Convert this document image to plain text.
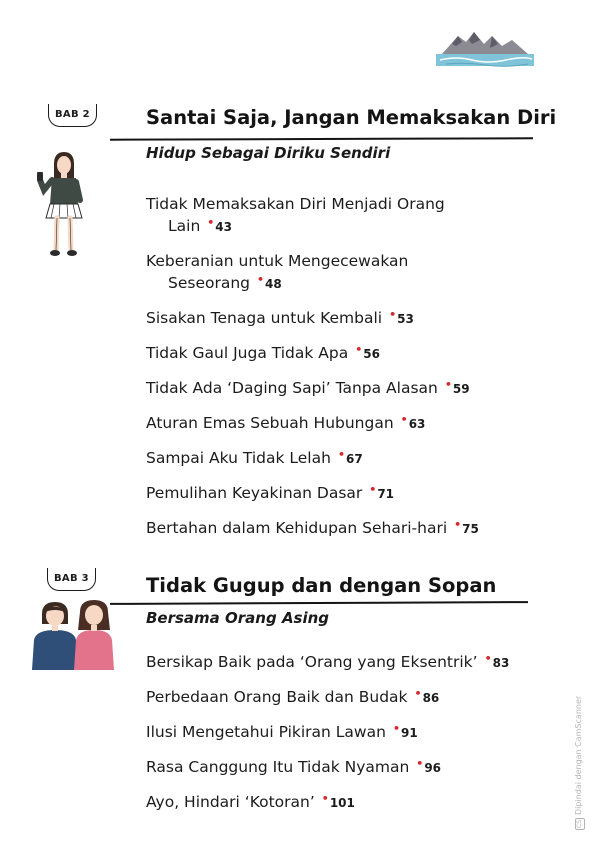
BAB 2	Santai Saja, Jangan Memaksakan Diri
Hidup Sebagai Diriku Sendiri
Tidak Memaksakan Diri Menjadi Orang
Lain •43
Keberanian untuk Mengecewakan
Seseorang •48
Sisakan Tenaga untuk Kembali •53
Tidak Gaul Juga Tidak Apa •56
Tidak Ada ‘Daging Sapi’ Tanpa Alasan •59
Aturan Emas Sebuah Hubungan •63
Sampai Aku Tidak Lelah •67
Pemulihan Keyakinan Dasar •71
Bertahan dalam Kehidupan Sehari-hari •75
BAB 3	Tidak Gugup dan dengan Sopan
Bersama Orang Asing
Bersikap Baik pada ‘Orang yang Eksentrik’ •83
Perbedaan Orang Baik dan Budak •86
Ilusi Mengetahui Pikiran Lawan •91
Rasa Canggung Itu Tidak Nyaman •96
Ayo, Hindari ‘Kotoran’ •101
CSDipindai dengan CamScanner
